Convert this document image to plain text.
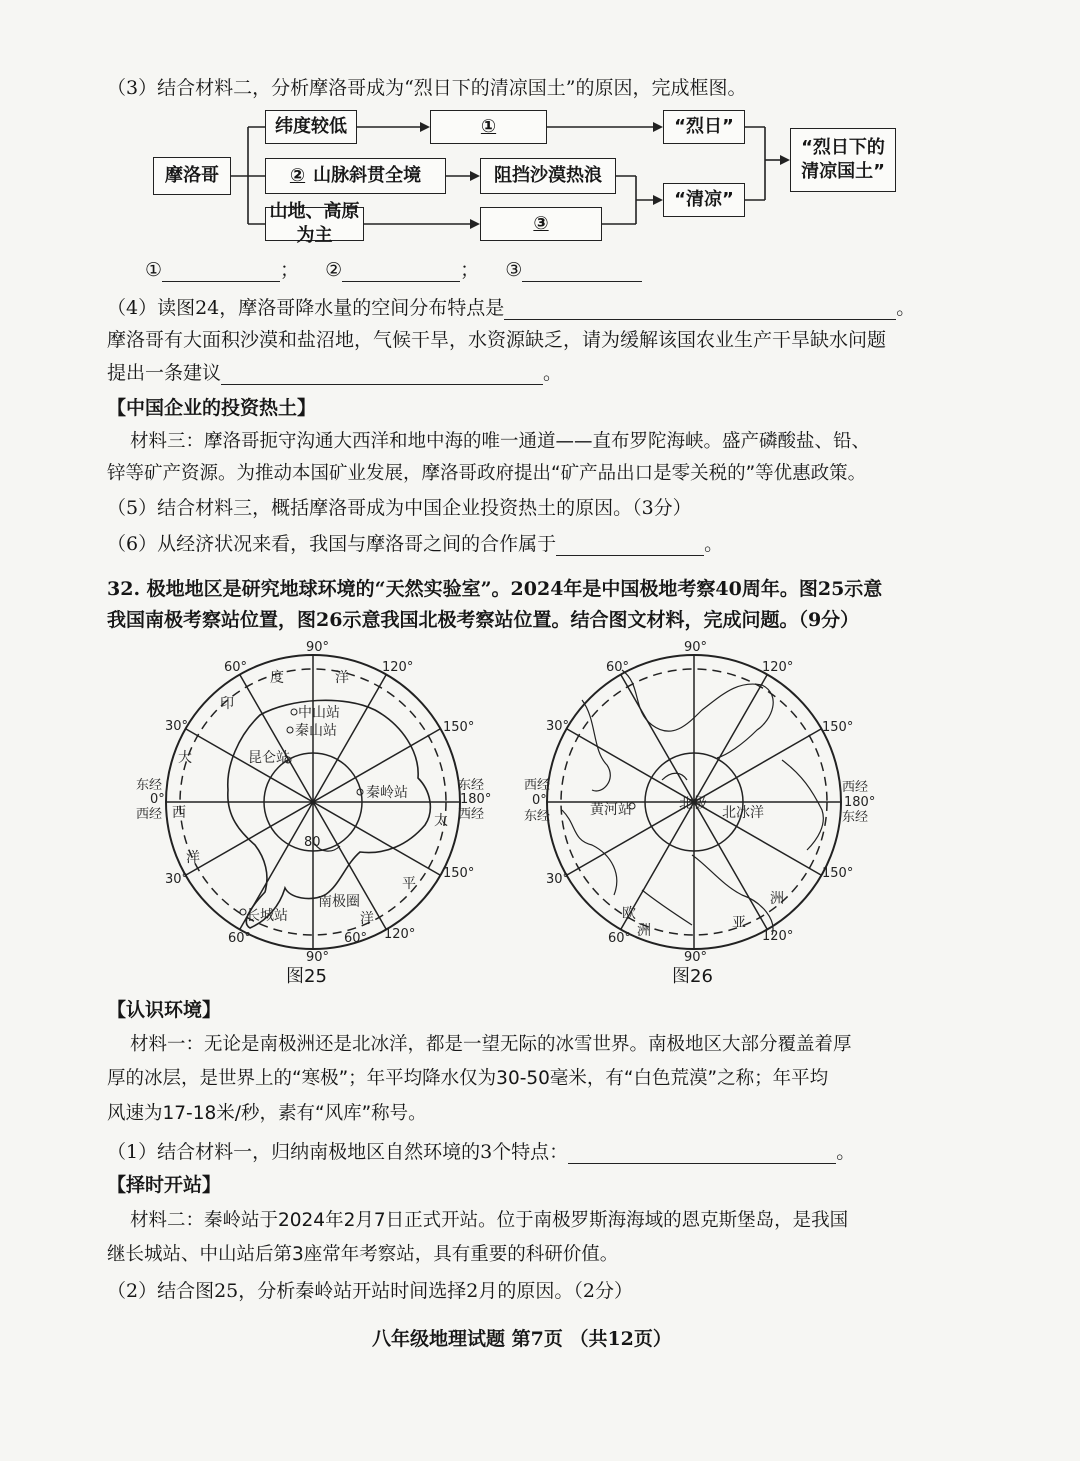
（3）结合材料二，分析摩洛哥成为“烈日下的清凉国土”的原因，完成框图。
摩洛哥
纬度较低	①	“烈日”
② 山脉斜贯全境	阻挡沙漠热浪
“清凉”
山地、高原为主
③
“烈日下的清凉国土”
①	； ②	； ③
（4）读图24，摩洛哥降水量的空间分布特点是	。
摩洛哥有大面积沙漠和盐沼地，气候干旱，水资源缺乏，请为缓解该国农业生产干旱缺水问题
提出一条建议	。
【中国企业的投资热土】
材料三：摩洛哥扼守沟通大西洋和地中海的唯一通道——直布罗陀海峡。盛产磷酸盐、铅、
锌等矿产资源。为推动本国矿业发展，摩洛哥政府提出“矿产品出口是零关税的”等优惠政策。
（5）结合材料三，概括摩洛哥成为中国企业投资热土的原因。（3分）
（6）从经济状况来看，我国与摩洛哥之间的合作属于	。
32. 极地地区是研究地球环境的“天然实验室”。2024年是中国极地考察40周年。图25示意
我国南极考察站位置，图26示意我国北极考察站位置。结合图文材料，完成问题。（9分）
90°
120°
150°
东经
180°
西经
150°
120°
90°
60°	60°
30°
东经
0°
西经
30°
60°
80
印
度	洋
大
西
洋
太
平
洋
中山站
秦山站
昆仑站
秦岭站
长城站
南极圈
图25
90°
120°
150°
西经
180°
东经
150°
120°
90°
60°
30°
西经
0°
东经
30°
60°
黄河站	北极
北冰洋
欧
洲	亚
洲
图26
【认识环境】
材料一：无论是南极洲还是北冰洋，都是一望无际的冰雪世界。南极地区大部分覆盖着厚
厚的冰层，是世界上的“寒极”；年平均降水仅为30-50毫米，有“白色荒漠”之称；年平均
风速为17-18米/秒，素有“风库”称号。
（1）结合材料一，归纳南极地区自然环境的3个特点：	。
【择时开站】
材料二：秦岭站于2024年2月7日正式开站。位于南极罗斯海海域的恩克斯堡岛，是我国
继长城站、中山站后第3座常年考察站，具有重要的科研价值。
（2）结合图25，分析秦岭站开站时间选择2月的原因。（2分）
八年级地理试题 第7页 （共12页）
